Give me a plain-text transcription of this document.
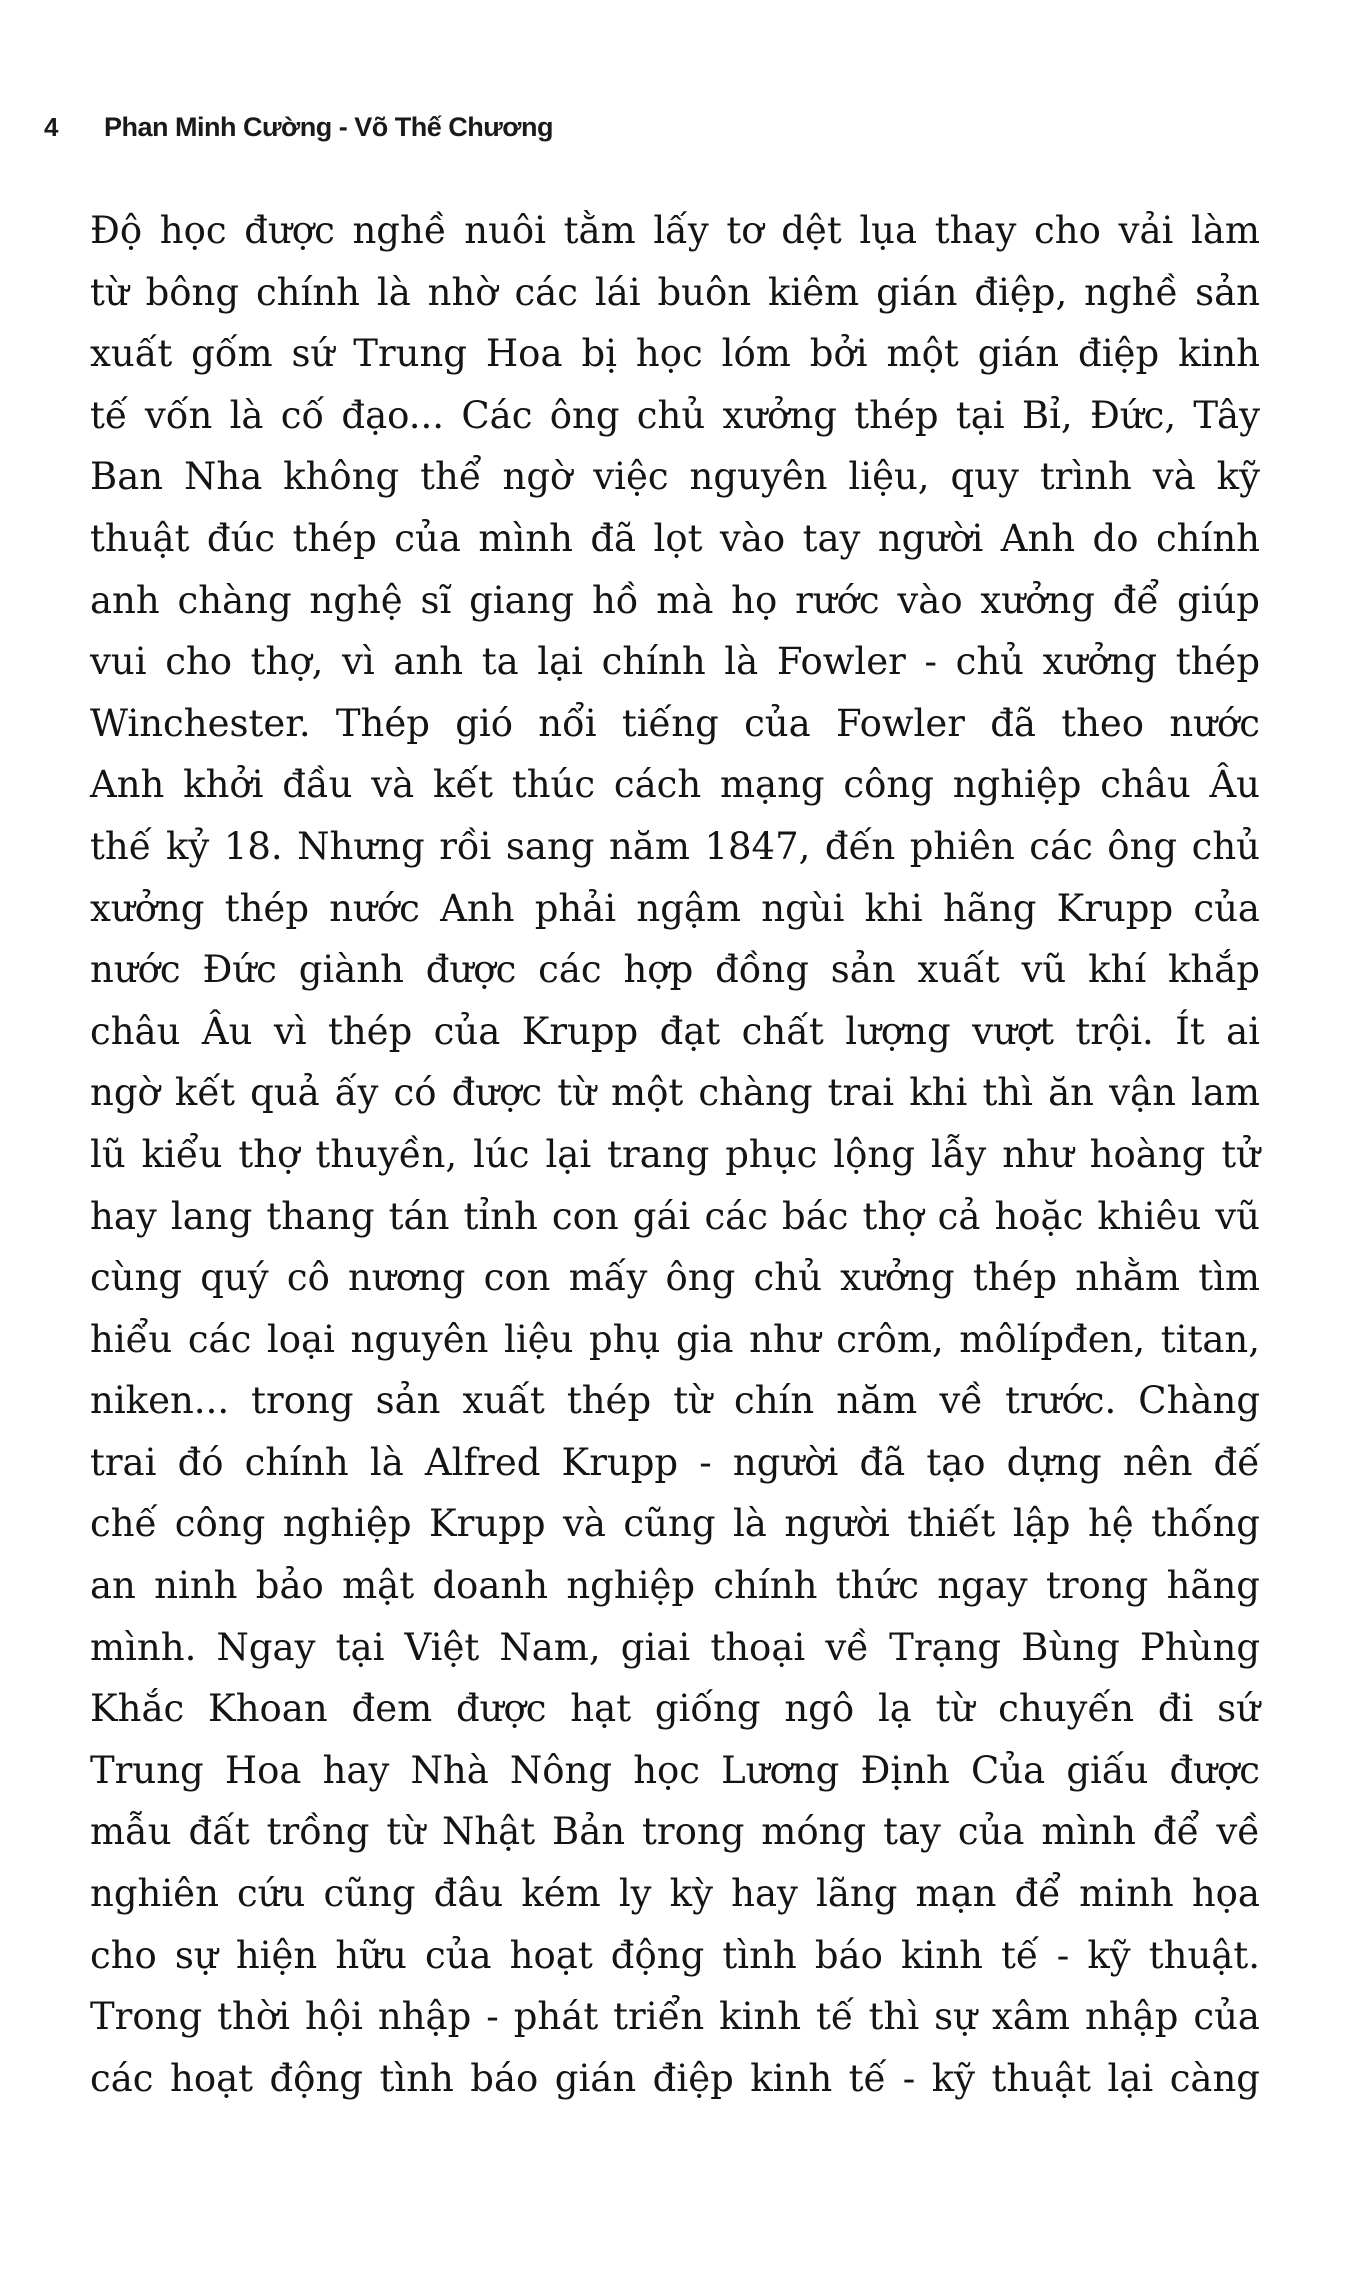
4	Phan Minh Cường - Võ Thế Chương
Độ học được nghề nuôi tằm lấy tơ dệt lụa thay cho vải làm
từ bông chính là nhờ các lái buôn kiêm gián điệp, nghề sản
xuất gốm sứ Trung Hoa bị học lóm bởi một gián điệp kinh
tế vốn là cố đạo... Các ông chủ xưởng thép tại Bỉ, Đức, Tây
Ban Nha không thể ngờ việc nguyên liệu, quy trình và kỹ
thuật đúc thép của mình đã lọt vào tay người Anh do chính
anh chàng nghệ sĩ giang hồ mà họ rước vào xưởng để giúp
vui cho thợ, vì anh ta lại chính là Fowler - chủ xưởng thép
Winchester. Thép gió nổi tiếng của Fowler đã theo nước
Anh khởi đầu và kết thúc cách mạng công nghiệp châu Âu
thế kỷ 18. Nhưng rồi sang năm 1847, đến phiên các ông chủ
xưởng thép nước Anh phải ngậm ngùi khi hãng Krupp của
nước Đức giành được các hợp đồng sản xuất vũ khí khắp
châu Âu vì thép của Krupp đạt chất lượng vượt trội. Ít ai
ngờ kết quả ấy có được từ một chàng trai khi thì ăn vận lam
lũ kiểu thợ thuyền, lúc lại trang phục lộng lẫy như hoàng tử
hay lang thang tán tỉnh con gái các bác thợ cả hoặc khiêu vũ
cùng quý cô nương con mấy ông chủ xưởng thép nhằm tìm
hiểu các loại nguyên liệu phụ gia như crôm, môlípđen, titan,
niken... trong sản xuất thép từ chín năm về trước. Chàng
trai đó chính là Alfred Krupp - người đã tạo dựng nên đế
chế công nghiệp Krupp và cũng là người thiết lập hệ thống
an ninh bảo mật doanh nghiệp chính thức ngay trong hãng
mình. Ngay tại Việt Nam, giai thoại về Trạng Bùng Phùng
Khắc Khoan đem được hạt giống ngô lạ từ chuyến đi sứ
Trung Hoa hay Nhà Nông học Lương Định Của giấu được
mẫu đất trồng từ Nhật Bản trong móng tay của mình để về
nghiên cứu cũng đâu kém ly kỳ hay lãng mạn để minh họa
cho sự hiện hữu của hoạt động tình báo kinh tế - kỹ thuật.
Trong thời hội nhập - phát triển kinh tế thì sự xâm nhập của
các hoạt động tình báo gián điệp kinh tế - kỹ thuật lại càng
